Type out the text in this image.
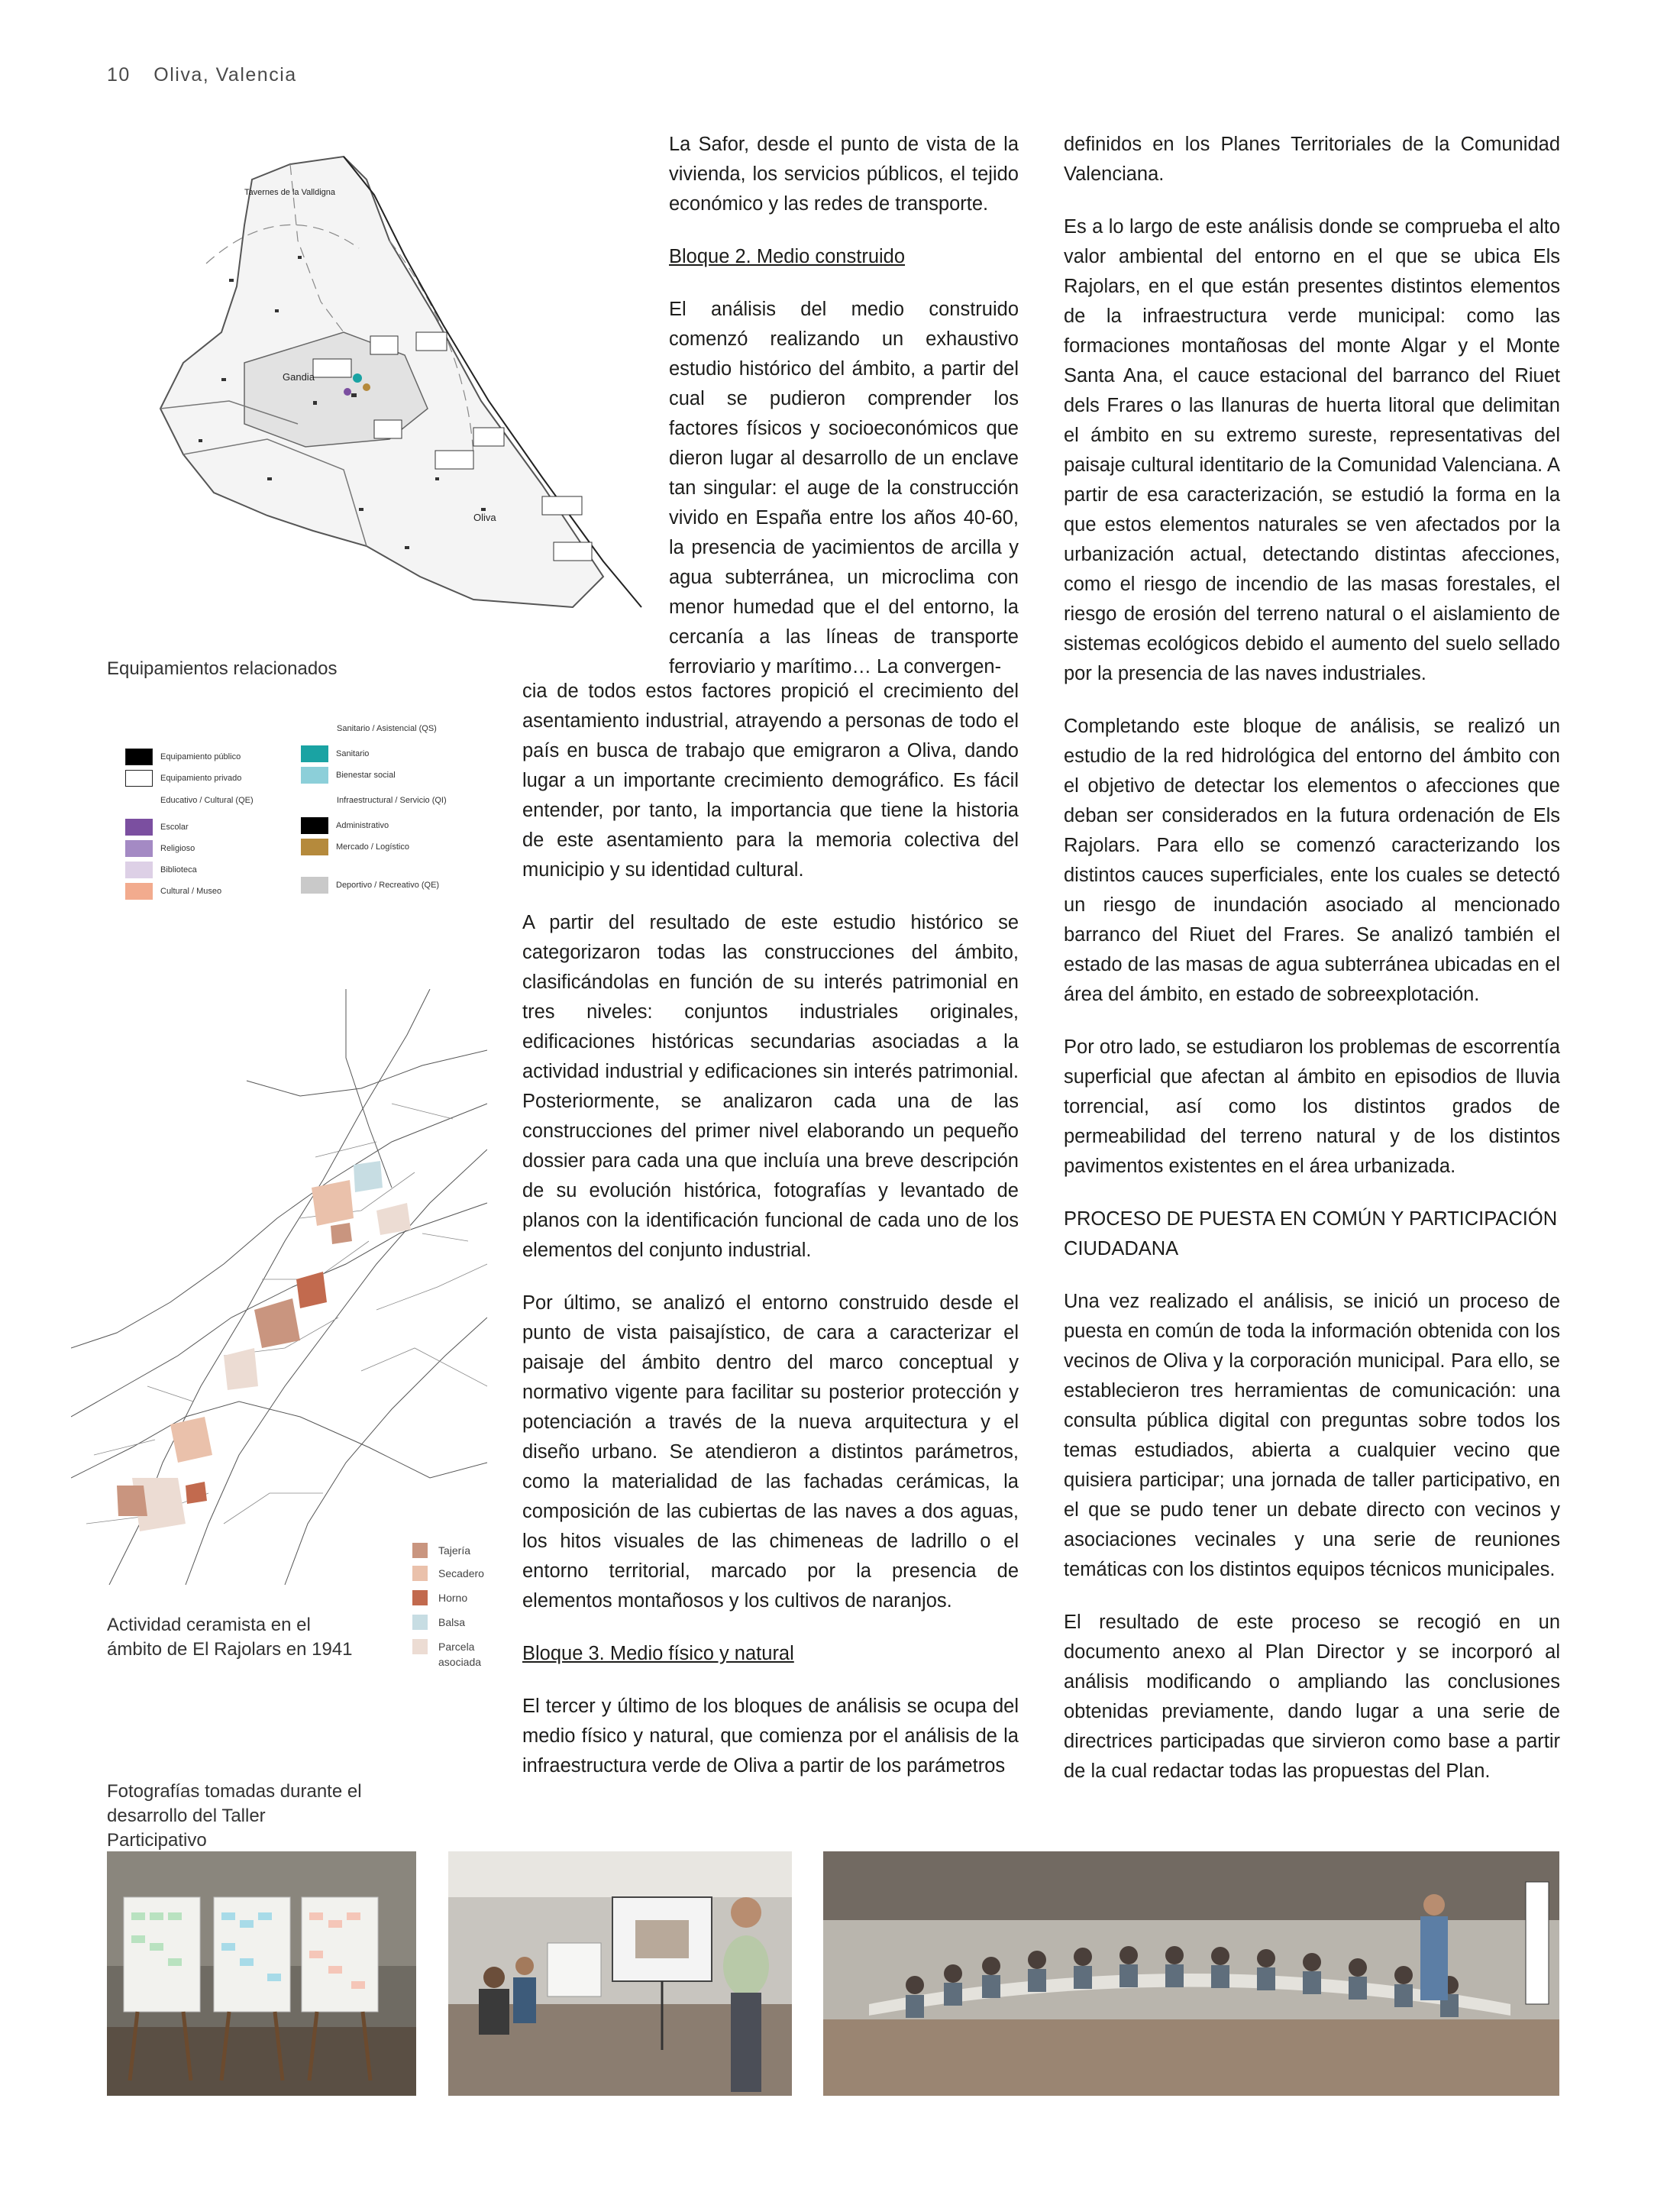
10 Oliva, Valencia
Tavernes de la Valldigna
Gandia
Oliva
Equipamientos relacionados
Equipamiento público
Equipamiento privado
Educativo / Cultural (QE)
Escolar
Religioso
Biblioteca
Cultural / Museo
Sanitario / Asistencial (QS)
Sanitario
Bienestar social
Infraestructural / Servicio (QI)
Administrativo
Mercado / Logístico
Deportivo / Recreativo (QE)
Tajería
Secadero
Horno
Balsa
Parcela asociada
Actividad ceramista en el ámbito de El Rajolars en 1941
Fotografías tomadas durante el desarrollo del Taller Participativo

La Safor, desde el punto de vista de la vivienda, los servicios públicos, el tejido económico y las redes de transporte.

Bloque 2. Medio construido

El análisis del medio construido comenzó realizando un exhaustivo estudio histórico del ámbito, a partir del cual se pudieron comprender los factores físicos y socioeconómicos que dieron lugar al desarrollo de un enclave tan singular: el auge de la construcción vivido en España entre los años 40-60, la presencia de yacimientos de arcilla y agua subterránea, un microclima con menor humedad que el del entorno, la cercanía a las líneas de transporte ferroviario y marítimo… La convergen-

cia de todos estos factores propició el crecimiento del asentamiento industrial, atrayendo a personas de todo el país en busca de trabajo que emigraron a Oliva, dando lugar a un importante crecimiento demográfico. Es fácil entender, por tanto, la importancia que tiene la historia de este asentamiento para la memoria colectiva del municipio y su identidad cultural.

A partir del resultado de este estudio histórico se categorizaron todas las construcciones del ámbito, clasificándolas en función de su interés patrimonial en tres niveles: conjuntos industriales originales, edificaciones históricas secundarias asociadas a la actividad industrial y edificaciones sin interés patrimonial. Posteriormente, se analizaron cada una de las construcciones del primer nivel elaborando un pequeño dossier para cada una que incluía una breve descripción de su evolución histórica, fotografías y levantado de planos con la identificación funcional de cada uno de los elementos del conjunto industrial.

Por último, se analizó el entorno construido desde el punto de vista paisajístico, de cara a caracterizar el paisaje del ámbito dentro del marco conceptual y normativo vigente para facilitar su posterior protección y potenciación a través de la nueva arquitectura y el diseño urbano. Se atendieron a distintos parámetros, como la materialidad de las fachadas cerámicas, la composición de las cubiertas de las naves a dos aguas, los hitos visuales de las chimeneas de ladrillo o el entorno territorial, marcado por la presencia de elementos montañosos y los cultivos de naranjos.

Bloque 3. Medio físico y natural

El tercer y último de los bloques de análisis se ocupa del medio físico y natural, que comienza por el análisis de la infraestructura verde de Oliva a partir de los parámetros

definidos en los Planes Territoriales de la Comunidad Valenciana.

Es a lo largo de este análisis donde se comprueba el alto valor ambiental del entorno en el que se ubica Els Rajolars, en el que están presentes distintos elementos de la infraestructura verde municipal: como las formaciones montañosas del monte Algar y el Monte Santa Ana, el cauce estacional del barranco del Riuet dels Frares o las llanuras de huerta litoral que delimitan el ámbito en su extremo sureste, representativas del paisaje cultural identitario de la Comunidad Valenciana. A partir de esa caracterización, se estudió la forma en la que estos elementos naturales se ven afectados por la urbanización actual, detectando distintas afecciones, como el riesgo de incendio de las masas forestales, el riesgo de erosión del terreno natural o el aislamiento de sistemas ecológicos debido el aumento del suelo sellado por la presencia de las naves industriales.

Completando este bloque de análisis, se realizó un estudio de la red hidrológica del entorno del ámbito con el objetivo de detectar los elementos o afecciones que deban ser considerados en la futura ordenación de Els Rajolars. Para ello se comenzó caracterizando los distintos cauces superficiales, ente los cuales se detectó un riesgo de inundación asociado al mencionado barranco del Riuet del Frares. Se analizó también el estado de las masas de agua subterránea ubicadas en el área del ámbito, en estado de sobreexplotación.

Por otro lado, se estudiaron los problemas de escorrentía superficial que afectan al ámbito en episodios de lluvia torrencial, así como los distintos grados de permeabilidad del terreno natural y de los distintos pavimentos existentes en el área urbanizada.

PROCESO DE PUESTA EN COMÚN Y PARTICIPACIÓN CIUDADANA

Una vez realizado el análisis, se inició un proceso de puesta en común de toda la información obtenida con los vecinos de Oliva y la corporación municipal. Para ello, se establecieron tres herramientas de comunicación: una consulta pública digital con preguntas sobre todos los temas estudiados, abierta a cualquier vecino que quisiera participar; una jornada de taller participativo, en el que se pudo tener un debate directo con vecinos y asociaciones vecinales y una serie de reuniones temáticas con los distintos equipos técnicos municipales.

El resultado de este proceso se recogió en un documento anexo al Plan Director y se incorporó al análisis modificando o ampliando las conclusiones obtenidas previamente, dando lugar a una serie de directrices participadas que sirvieron como base a partir de la cual redactar todas las propuestas del Plan.
